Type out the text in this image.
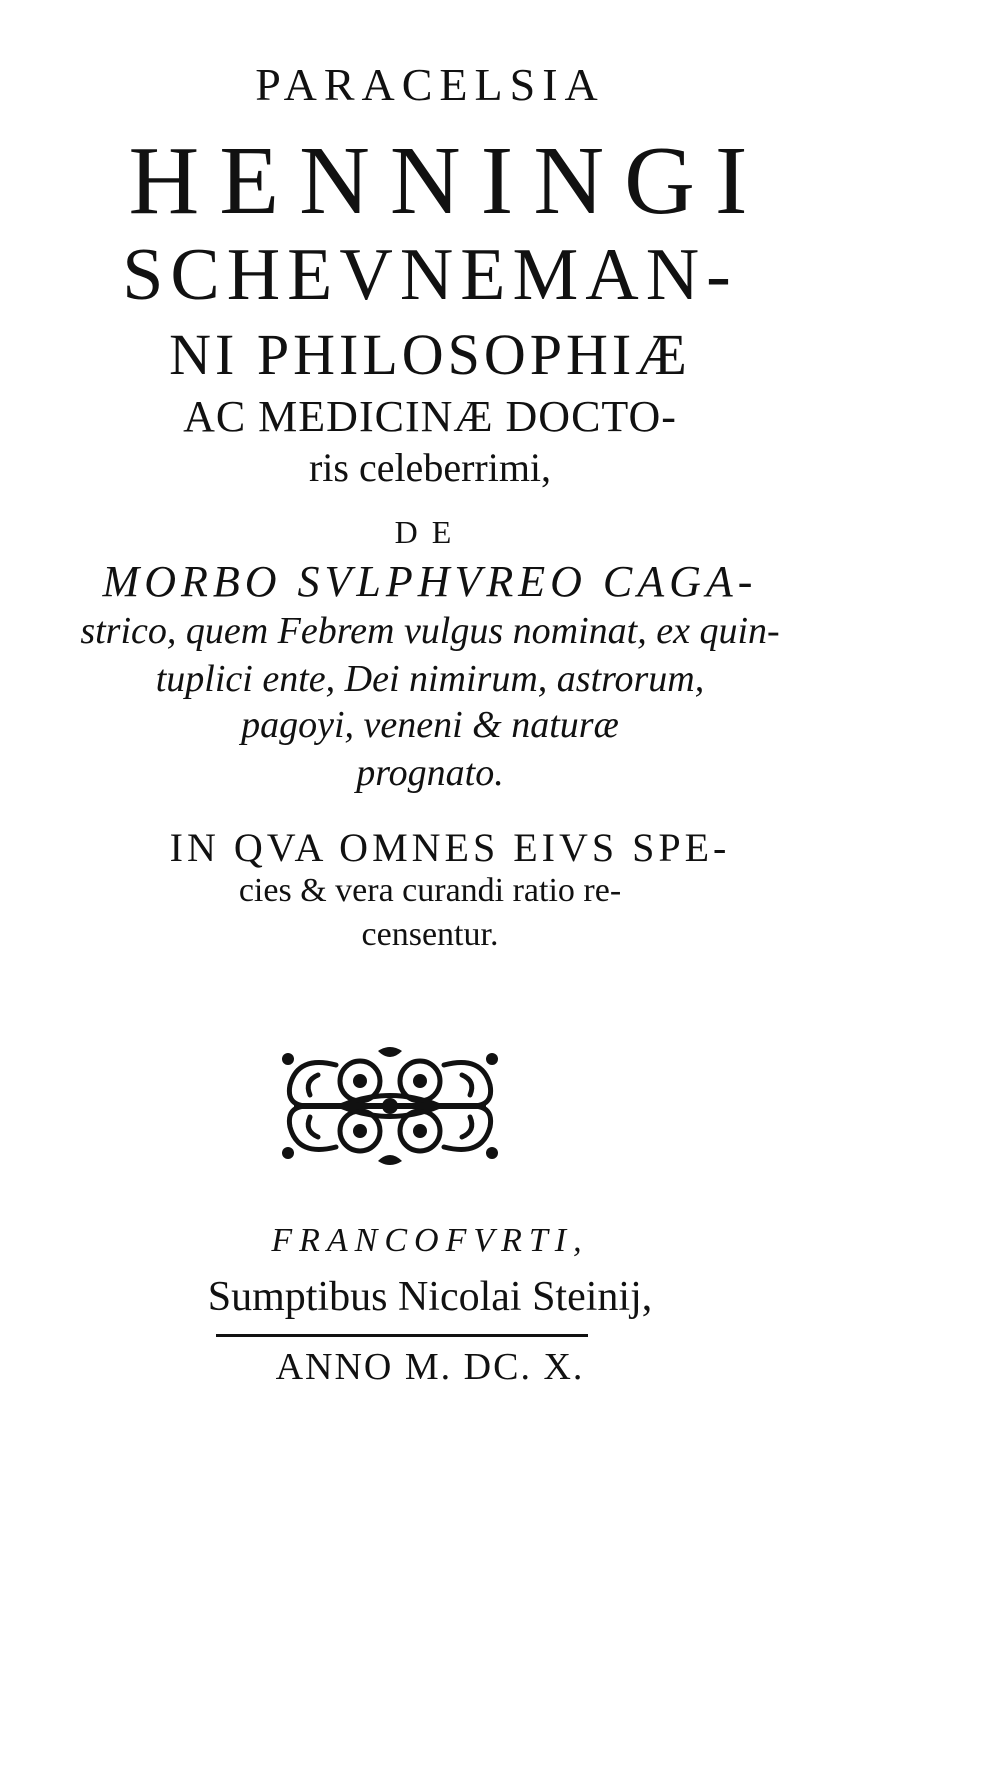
PARACELSIA
HENNINGI
SCHEVNEMAN-
NI PHILOSOPHIÆ
AC MEDICINÆ DOCTO-
ris celeberrimi,
DE
MORBO SVLPHVREO CAGA-
strico, quem Febrem vulgus nominat, ex quin-
tuplici ente, Dei nimirum, astrorum,
pagoyi, veneni & naturæ
prognato.
IN QVA OMNES EIVS SPE-
cies & vera curandi ratio re-
censentur.
FRANCOFVRTI,
Sumptibus Nicolai Steinij,
ANNO M. DC. X.
